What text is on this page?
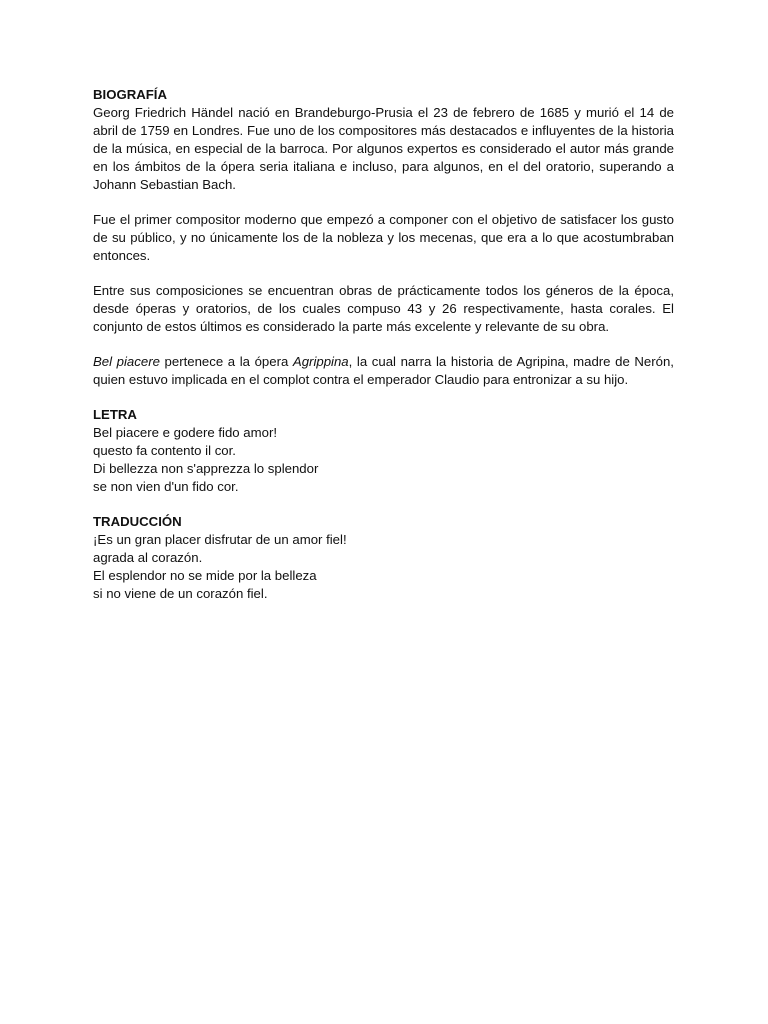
BIOGRAFÍA

Georg Friedrich Händel nació en Brandeburgo-Prusia el 23 de febrero de 1685 y murió el 14 de abril de 1759 en Londres. Fue uno de los compositores más destacados e influyentes de la historia de la música, en especial de la barroca. Por algunos expertos es considerado el autor más grande en los ámbitos de la ópera seria italiana e incluso, para algunos, en el del oratorio, superando a Johann Sebastian Bach.

Fue el primer compositor moderno que empezó a componer con el objetivo de satisfacer los gusto de su público, y no únicamente los de la nobleza y los mecenas, que era a lo que acostumbraban entonces.

Entre sus composiciones se encuentran obras de prácticamente todos los géneros de la época, desde óperas y oratorios, de los cuales compuso 43 y 26 respectivamente, hasta corales. El conjunto de estos últimos es considerado la parte más excelente y relevante de su obra.

Bel piacere pertenece a la ópera Agrippina, la cual narra la historia de Agripina, madre de Nerón, quien estuvo implicada en el complot contra el emperador Claudio para entronizar a su hijo.

LETRA
Bel piacere e godere fido amor!
questo fa contento il cor.
Di bellezza non s'apprezza lo splendor
se non vien d'un fido cor.
TRADUCCIÓN
¡Es un gran placer disfrutar de un amor fiel!
agrada al corazón.
El esplendor no se mide por la belleza
si no viene de un corazón fiel.
